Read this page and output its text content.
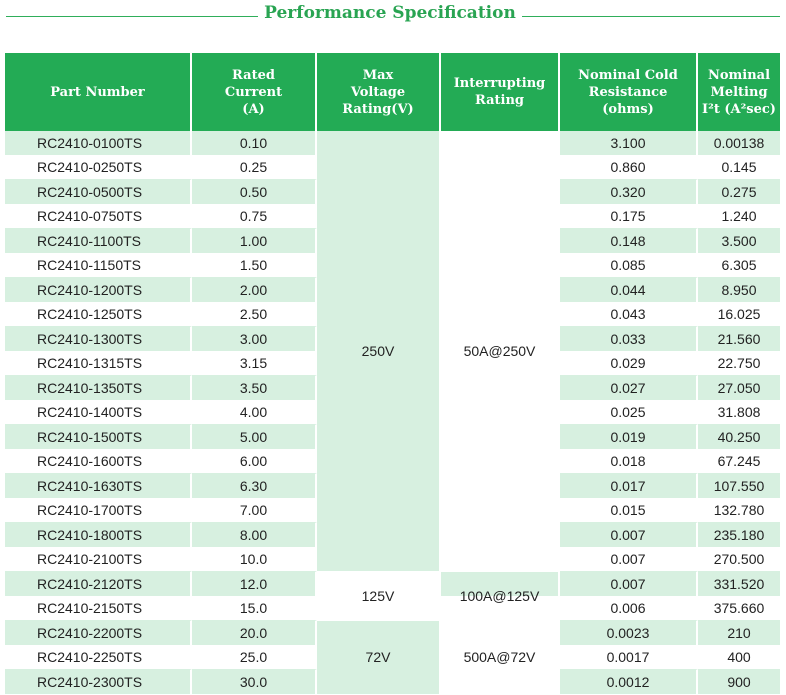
Performance Specification
Part Number	Rated
Current
(A)	Max
Voltage
Rating(V)	Interrupting
Rating	Nominal Cold
Resistance
(ohms)	Nominal
Melting
I²t (A²sec)
RC2410-0100TS	0.10	250V	50A@250V	3.100	0.00138
RC2410-0250TS	0.25			0.860	0.145
RC2410-0500TS	0.50			0.320	0.275
RC2410-0750TS	0.75			0.175	1.240
RC2410-1100TS	1.00			0.148	3.500
RC2410-1150TS	1.50			0.085	6.305
RC2410-1200TS	2.00			0.044	8.950
RC2410-1250TS	2.50			0.043	16.025
RC2410-1300TS	3.00			0.033	21.560
RC2410-1315TS	3.15			0.029	22.750
RC2410-1350TS	3.50			0.027	27.050
RC2410-1400TS	4.00			0.025	31.808
RC2410-1500TS	5.00			0.019	40.250
RC2410-1600TS	6.00			0.018	67.245
RC2410-1630TS	6.30			0.017	107.550
RC2410-1700TS	7.00			0.015	132.780
RC2410-1800TS	8.00			0.007	235.180
RC2410-2100TS	10.0			0.007	270.500
RC2410-2120TS	12.0	125V	100A@125V	0.007	331.520
RC2410-2150TS	15.0			0.006	375.660
RC2410-2200TS	20.0	72V	500A@72V	0.0023	210
RC2410-2250TS	25.0			0.0017	400
RC2410-2300TS	30.0			0.0012	900
